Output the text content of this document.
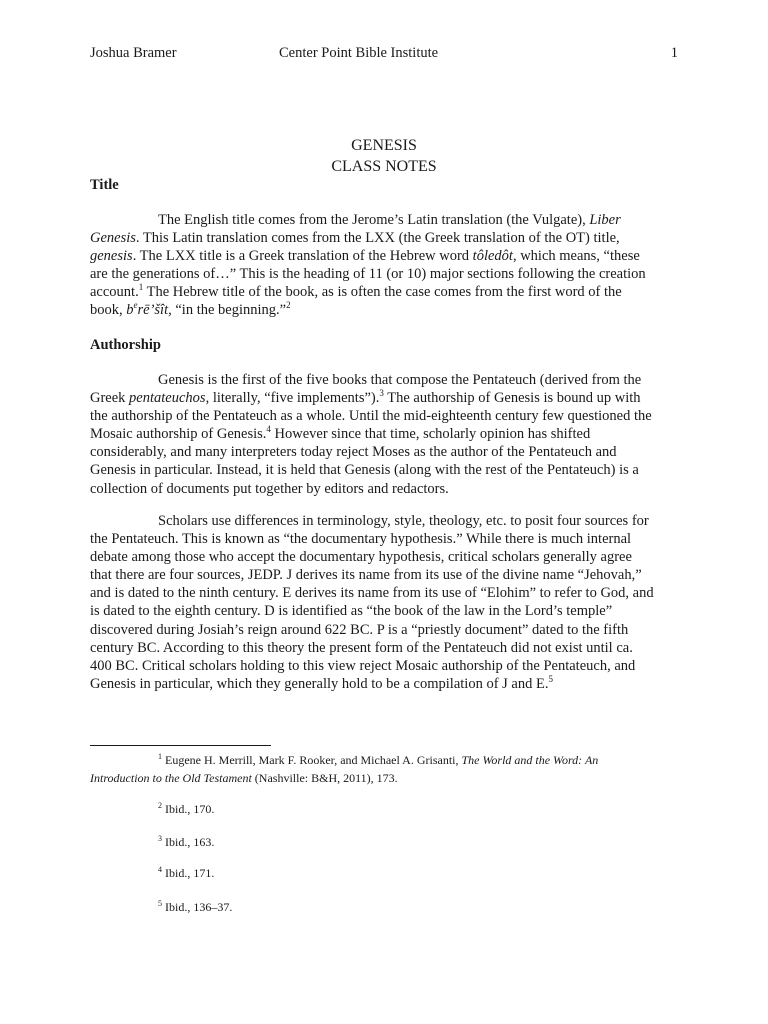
Joshua Bramer	Center Point Bible Institute	1
GENESIS
CLASS NOTES
Title
The English title comes from the Jerome’s Latin translation (the Vulgate), Liber
Genesis. This Latin translation comes from the LXX (the Greek translation of the OT) title,
genesis. The LXX title is a Greek translation of the Hebrew word tôledôt, which means, “these
are the generations of…” This is the heading of 11 (or 10) major sections following the creation
account.$^1$ The Hebrew title of the book, as is often the case comes from the first word of the
book, $b^erē’šît$, “in the beginning.”$^2$
Authorship
Genesis is the first of the five books that compose the Pentateuch (derived from the
Greek pentateuchos, literally, “five implements”).$^3$ The authorship of Genesis is bound up with
the authorship of the Pentateuch as a whole. Until the mid-eighteenth century few questioned the
Mosaic authorship of Genesis.$^4$ However since that time, scholarly opinion has shifted
considerably, and many interpreters today reject Moses as the author of the Pentateuch and
Genesis in particular. Instead, it is held that Genesis (along with the rest of the Pentateuch) is a
collection of documents put together by editors and redactors.
Scholars use differences in terminology, style, theology, etc. to posit four sources for
the Pentateuch. This is known as “the documentary hypothesis.” While there is much internal
debate among those who accept the documentary hypothesis, critical scholars generally agree
that there are four sources, JEDP. J derives its name from its use of the divine name “Jehovah,”
and is dated to the ninth century. E derives its name from its use of “Elohim” to refer to God, and
is dated to the eighth century. D is identified as “the book of the law in the Lord’s temple”
discovered during Josiah’s reign around 622 BC. P is a “priestly document” dated to the fifth
century BC. According to this theory the present form of the Pentateuch did not exist until ca.
400 BC. Critical scholars holding to this view reject Mosaic authorship of the Pentateuch, and
Genesis in particular, which they generally hold to be a compilation of J and E.$^5$
$^1$ Eugene H. Merrill, Mark F. Rooker, and Michael A. Grisanti, The World and the Word: An
Introduction to the Old Testament (Nashville: B&H, 2011), 173.
$^2$ Ibid., 170.
$^3$ Ibid., 163.
$^4$ Ibid., 171.
$^5$ Ibid., 136–37.
